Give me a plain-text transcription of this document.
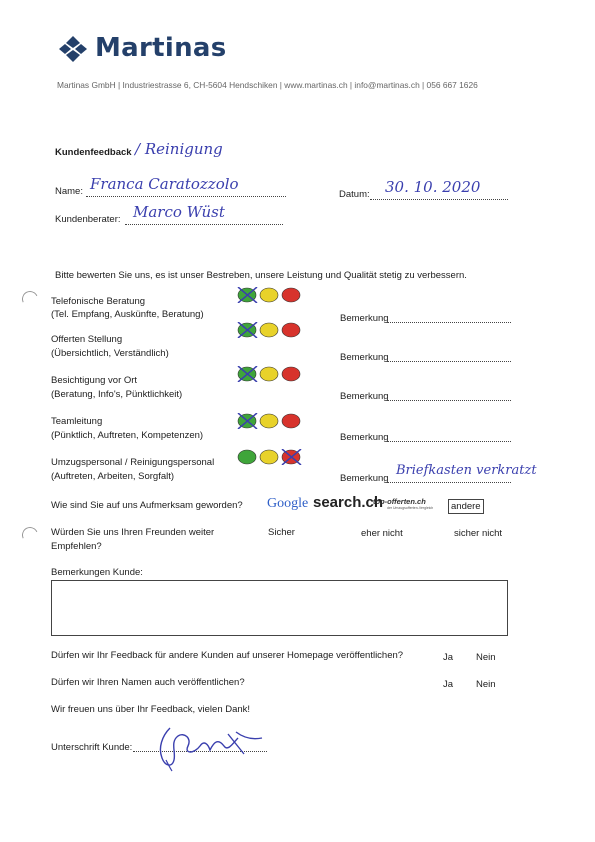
Martinas
Martinas GmbH | Industriestrasse 6, CH-5604 Hendschiken | www.martinas.ch | info@martinas.ch | 056 667 1626
Kundenfeedback / Reinigung
Name: Franca Caratozzolo
Datum: 30. 10. 2020
Kundenberater: Marco Wüst
Bitte bewerten Sie uns, es ist unser Bestreben, unsere Leistung und Qualität stetig zu verbessern.
Telefonische Beratung
(Tel. Empfang, Auskünfte, Beratung)	Bemerkung
Offerten Stellung
(Übersichtlich, Verständlich)	Bemerkung
Besichtigung vor Ort
(Beratung, Info's, Pünktlichkeit)	Bemerkung
Teamleitung
(Pünktlich, Auftreten, Kompetenzen)	Bemerkung
Umzugspersonal / Reinigungspersonal
(Auftreten, Arbeiten, Sorgfalt)	Bemerkung
Briefkasten verkratzt
Wie sind Sie auf uns Aufmerksam geworden? Google search.ch
top-offerten.ch
der Umzugsofferten-Vergleich	andere
Würden Sie uns Ihren Freunden weiter
Empfehlen?
Sicher	eher nicht	sicher nicht
Bemerkungen Kunde:
Dürfen wir Ihr Feedback für andere Kunden auf unserer Homepage veröffentlichen?	Ja Nein
Dürfen wir Ihren Namen auch veröffentlichen?	Ja Nein
Wir freuen uns über Ihr Feedback, vielen Dank!
Unterschrift Kunde:
